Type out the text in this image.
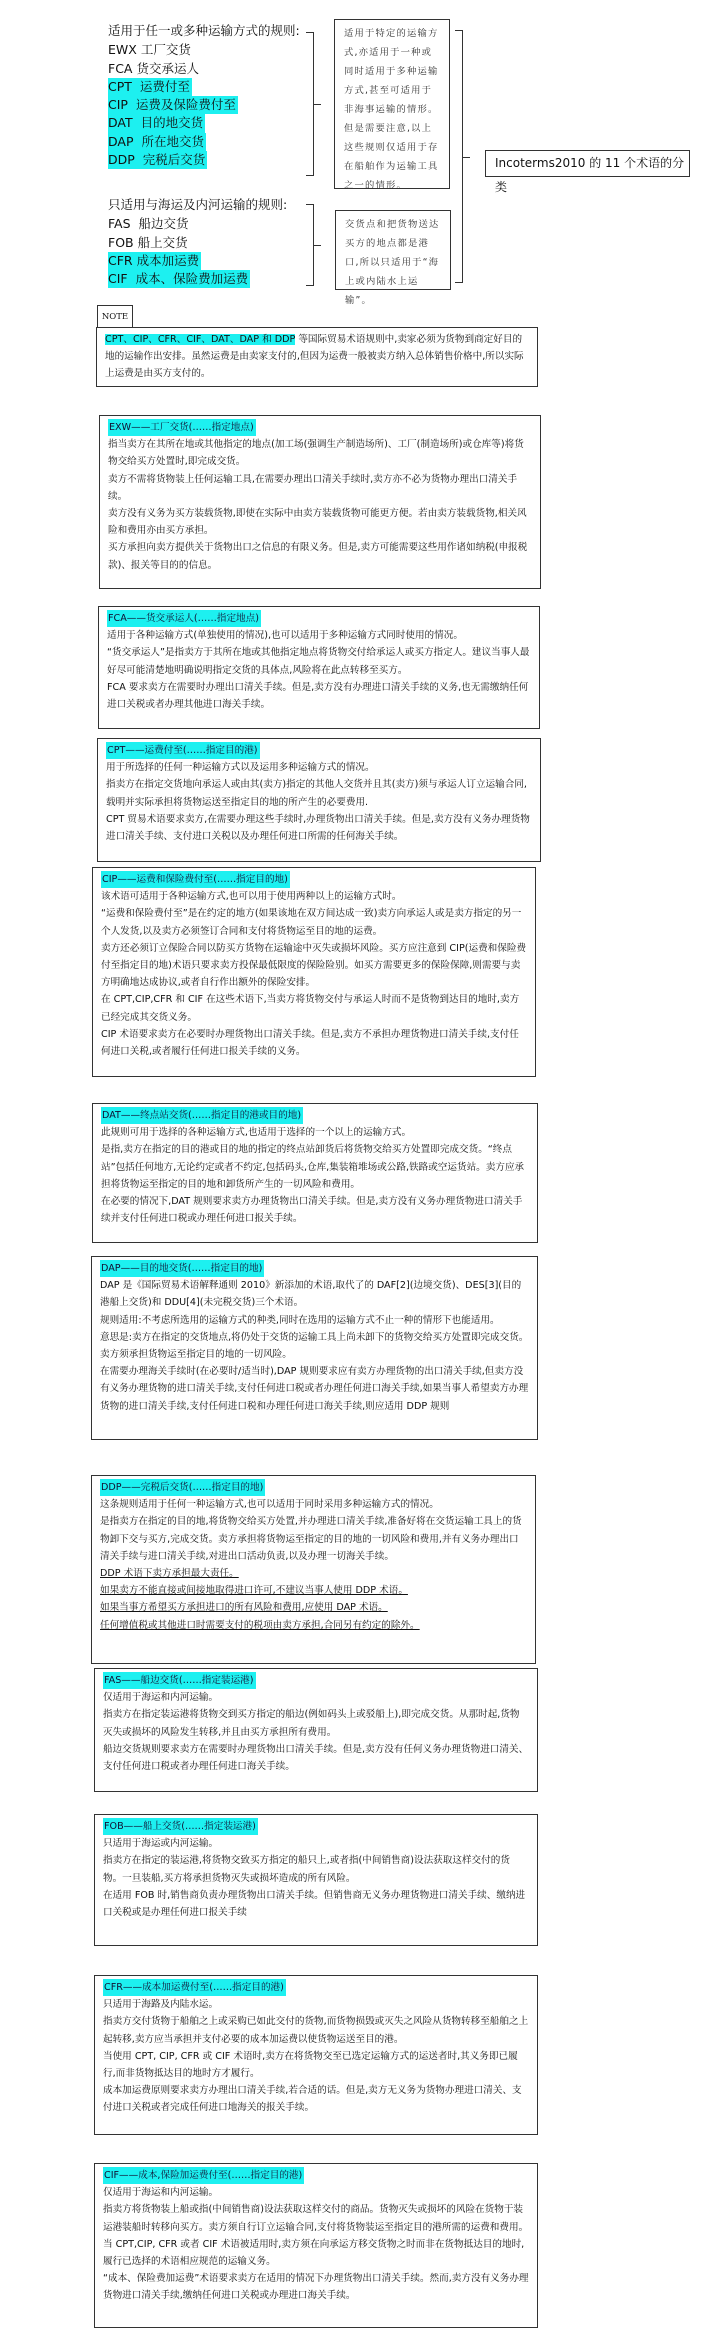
适用于任一或多种运输方式的规则:
EWX 工厂交货
FCA 货交承运人
CPT 运费付至
CIP 运费及保险费付至
DAT 目的地交货
DAP 所在地交货
DDP 完税后交货
只适用与海运及内河运输的规则:
FAS 船边交货
FOB 船上交货
CFR 成本加运费
CIF 成本、保险费加运费
适用于特定的运输方式,亦适用于一种或同时适用于多种运输方式,甚至可适用于非海事运输的情形。但是需要注意,以上这些规则仅适用于存在船舶作为运输工具之一的情形。
交货点和把货物送达买方的地点都是港口,所以只适用于“海上或内陆水上运输”。
Incoterms2010 的 11 个术语的分类
NOTE
CPT、CIP、CFR、CIF、DAT、DAP 和 DDP 等国际贸易术语规则中,卖家必须为货物到商定好目的地的运输作出安排。虽然运费是由卖家支付的,但因为运费一般被卖方纳入总体销售价格中,所以实际上运费是由买方支付的。
EXW——工厂交货(……指定地点)

指当卖方在其所在地或其他指定的地点(加工场(强调生产制造场所)、工厂(制造场所)或仓库等)将货物交给买方处置时,即完成交货。

卖方不需将货物装上任何运输工具,在需要办理出口清关手续时,卖方亦不必为货物办理出口清关手续。

卖方没有义务为买方装载货物,即使在实际中由卖方装载货物可能更方便。若由卖方装载货物,相关风险和费用亦由买方承担。

买方承担向卖方提供关于货物出口之信息的有限义务。但是,卖方可能需要这些用作诸如纳税(申报税款)、报关等目的的信息。

FCA——货交承运人(……指定地点)

适用于各种运输方式(单独使用的情况),也可以适用于多种运输方式同时使用的情况。

“货交承运人”是指卖方于其所在地或其他指定地点将货物交付给承运人或买方指定人。建议当事人最好尽可能清楚地明确说明指定交货的具体点,风险将在此点转移至买方。

FCA 要求卖方在需要时办理出口清关手续。但是,卖方没有办理进口清关手续的义务,也无需缴纳任何进口关税或者办理其他进口海关手续。

CPT——运费付至(……指定目的港)

用于所选择的任何一种运输方式以及运用多种运输方式的情况。

指卖方在指定交货地向承运人或由其(卖方)指定的其他人交货并且其(卖方)须与承运人订立运输合同,载明并实际承担将货物运送至指定目的地的所产生的必要费用.

CPT 贸易术语要求卖方,在需要办理这些手续时,办理货物出口清关手续。但是,卖方没有义务办理货物进口清关手续、支付进口关税以及办理任何进口所需的任何海关手续。

CIP——运费和保险费付至(……指定目的地)

该术语可适用于各种运输方式,也可以用于使用两种以上的运输方式时。

“运费和保险费付至”是在约定的地方(如果该地在双方间达成一致)卖方向承运人或是卖方指定的另一个人发货,以及卖方必须签订合同和支付将货物运至目的地的运费。

卖方还必须订立保险合同以防买方货物在运输途中灭失或损坏风险。买方应注意到 CIP(运费和保险费付至指定目的地)术语只要求卖方投保最低限度的保险险别。如买方需要更多的保险保障,则需要与卖方明确地达成协议,或者自行作出额外的保险安排。

在 CPT,CIP,CFR 和 CIF 在这些术语下,当卖方将货物交付与承运人时而不是货物到达目的地时,卖方已经完成其交货义务。

CIP 术语要求卖方在必要时办理货物出口清关手续。但是,卖方不承担办理货物进口清关手续,支付任何进口关税,或者履行任何进口报关手续的义务。

DAT——终点站交货(……指定目的港或目的地)

此规则可用于选择的各种运输方式,也适用于选择的一个以上的运输方式。

是指,卖方在指定的目的港或目的地的指定的终点站卸货后将货物交给买方处置即完成交货。“终点站”包括任何地方,无论约定或者不约定,包括码头,仓库,集装箱堆场或公路,铁路或空运货站。卖方应承担将货物运至指定的目的地和卸货所产生的一切风险和费用。

在必要的情况下,DAT 规则要求卖方办理货物出口清关手续。但是,卖方没有义务办理货物进口清关手续并支付任何进口税或办理任何进口报关手续。

DAP——目的地交货(……指定目的地)

DAP 是《国际贸易术语解释通则 2010》新添加的术语,取代了的 DAF[2](边境交货)、DES[3](目的港船上交货)和 DDU[4](未完税交货)三个术语。

规则适用:不考虑所选用的运输方式的种类,同时在选用的运输方式不止一种的情形下也能适用。

意思是:卖方在指定的交货地点,将仍处于交货的运输工具上尚未卸下的货物交给买方处置即完成交货。卖方须承担货物运至指定目的地的一切风险。

在需要办理海关手续时(在必要时/适当时),DAP 规则要求应有卖方办理货物的出口清关手续,但卖方没有义务办理货物的进口清关手续,支付任何进口税或者办理任何进口海关手续,如果当事人希望卖方办理货物的进口清关手续,支付任何进口税和办理任何进口海关手续,则应适用 DDP 规则

DDP——完税后交货(……指定目的地)

这条规则适用于任何一种运输方式,也可以适用于同时采用多种运输方式的情况。

是指卖方在指定的目的地,将货物交给买方处置,并办理进口清关手续,准备好将在交货运输工具上的货物卸下交与买方,完成交货。卖方承担将货物运至指定的目的地的一切风险和费用,并有义务办理出口清关手续与进口清关手续,对进出口活动负责,以及办理一切海关手续。

DDP 术语下卖方承担最大责任。

如果卖方不能直接或间接地取得进口许可,不建议当事人使用 DDP 术语。

如果当事方希望买方承担进口的所有风险和费用,应使用 DAP 术语。

任何增值税或其他进口时需要支付的税项由卖方承担,合同另有约定的除外。

FAS——船边交货(……指定装运港)

仅适用于海运和内河运输。

指卖方在指定装运港将货物交到买方指定的船边(例如码头上或驳船上),即完成交货。从那时起,货物灭失或损坏的风险发生转移,并且由买方承担所有费用。

船边交货规则要求卖方在需要时办理货物出口清关手续。但是,卖方没有任何义务办理货物进口清关、支付任何进口税或者办理任何进口海关手续。

FOB——船上交货(……指定装运港)

只适用于海运或内河运输。

指卖方在指定的装运港,将货物交致买方指定的船只上,或者指(中间销售商)设法获取这样交付的货物。一旦装船,买方将承担货物灭失或损坏造成的所有风险。

在适用 FOB 时,销售商负责办理货物出口清关手续。但销售商无义务办理货物进口清关手续、缴纳进口关税或是办理任何进口报关手续

CFR——成本加运费付至(……指定目的港)

只适用于海路及内陆水运。

指卖方交付货物于船舶之上或采购已如此交付的货物,而货物损毁或灭失之风险从货物转移至船舶之上起转移,卖方应当承担并支付必要的成本加运费以使货物运送至目的港。

当使用 CPT, CIP, CFR 或 CIF 术语时,卖方在将货物交至已选定运输方式的运送者时,其义务即已履行,而非货物抵达目的地时方才履行。

成本加运费原则要求卖方办理出口清关手续,若合适的话。但是,卖方无义务为货物办理进口清关、支付进口关税或者完成任何进口地海关的报关手续。

CIF——成本,保险加运费付至(……指定目的港)

仅适用于海运和内河运输。

指卖方将货物装上船或指(中间销售商)设法获取这样交付的商品。货物灭失或损坏的风险在货物于装运港装船时转移向买方。卖方须自行订立运输合同,支付将货物装运至指定目的港所需的运费和费用。

当 CPT,CIP, CFR 或者 CIF 术语被适用时,卖方须在向承运方移交货物之时而非在货物抵达目的地时,履行已选择的术语相应规范的运输义务。

“成本、保险费加运费”术语要求卖方在适用的情况下办理货物出口清关手续。然而,卖方没有义务办理货物进口清关手续,缴纳任何进口关税或办理进口海关手续。
